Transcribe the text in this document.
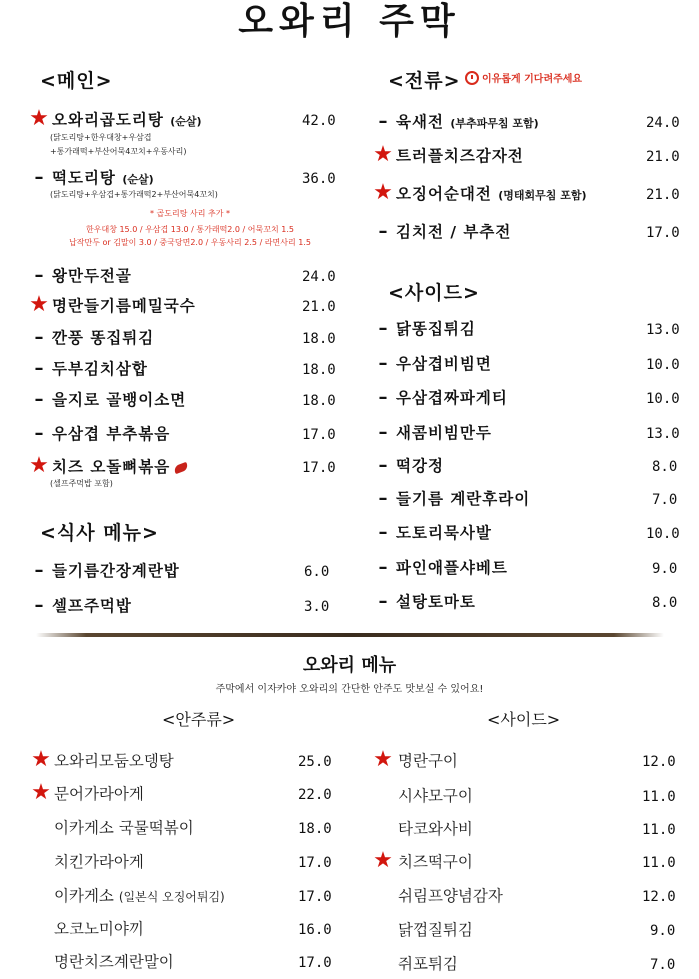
오와리 주막
<메인>
★ 오와리곱도리탕 (순살)	42.0
(닭도리탕+한우대창+우삼겹
+통가래떡+부산어묵4꼬치+우동사리)
– 떡도리탕 (순살)	36.0
(닭도리탕+우삼겹+통가래떡2+부산어묵4꼬치)
* 곱도리탕 사리 추가 *
한우대창 15.0 / 우삼겹 13.0 / 통가래떡2.0 / 어묵꼬치 1.5
납작만두 or 김말이 3.0 / 중국당면2.0 / 우동사리 2.5 / 라면사리 1.5
– 왕만두전골	24.0
★ 명란들기름메밀국수	21.0
– 깐풍 똥집튀김	18.0
– 두부김치삼합	18.0
– 을지로 골뱅이소면	18.0
– 우삼겹 부추볶음	17.0
★ 치즈 오돌뼈볶음	17.0
(셀프주먹밥 포함)
<식사 메뉴>
– 들기름간장계란밥	6.0
– 셀프주먹밥	3.0
<전류> 이유롭게 기다려주세요
– 육새전 (부추파무침 포함)	24.0
★ 트러플치즈감자전	21.0
★ 오징어순대전 (명태회무침 포함)	21.0
– 김치전 / 부추전	17.0
<사이드>
– 닭똥집튀김	13.0
– 우삼겹비빔면	10.0
– 우삼겹짜파게티	10.0
– 새콤비빔만두	13.0
– 떡강정	8.0
– 들기름 계란후라이	7.0
– 도토리묵사발	10.0
– 파인애플샤베트	9.0
– 설탕토마토	8.0
오와리 메뉴
주막에서 이자카야 오와리의 간단한 안주도 맛보실 수 있어요!
<안주류>	<사이드>
★ 오와리모둠오뎅탕	25.0
★ 문어가라아게	22.0
이카게소 국물떡볶이	18.0
치킨가라아게	17.0
이카게소 (일본식 오징어튀김)	17.0
오코노미야끼	16.0
명란치즈계란말이	17.0
★ 명란구이	12.0
시샤모구이	11.0
타코와사비	11.0
★ 치즈떡구이	11.0
쉬림프양념감자	12.0
닭껍질튀김	9.0
쥐포튀김	7.0
